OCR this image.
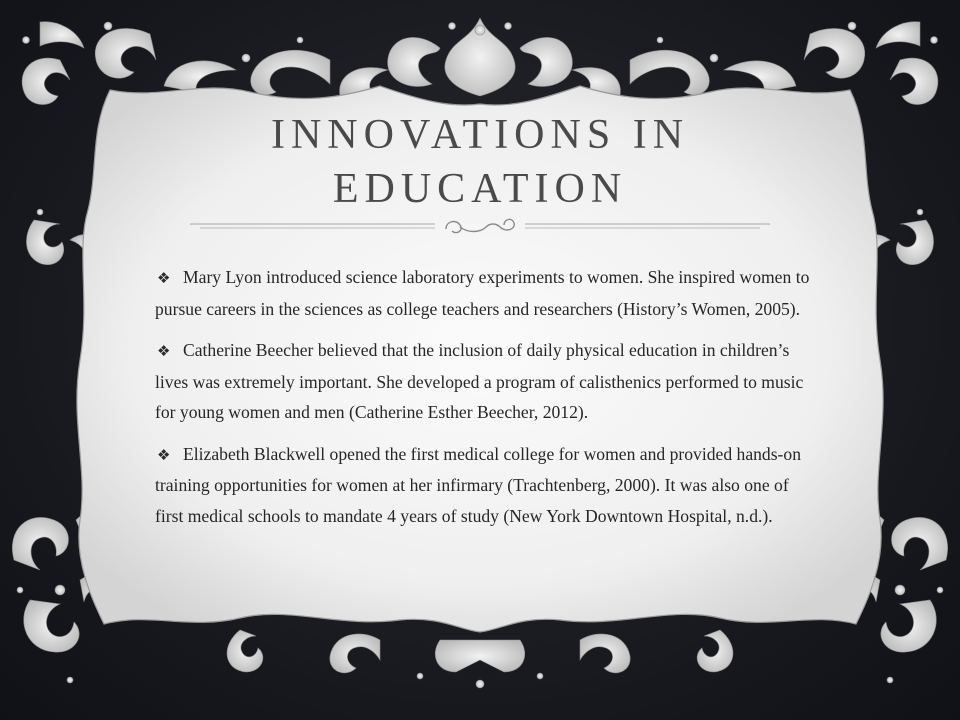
INNOVATIONS IN
EDUCATION

❖ Mary Lyon introduced science laboratory experiments to women. She inspired women to pursue careers in the sciences as college teachers and researchers (History’s Women, 2005).

❖ Catherine Beecher believed that the inclusion of daily physical education in children’s lives was extremely important. She developed a program of calisthenics performed to music for young women and men (Catherine Esther Beecher, 2012).

❖ Elizabeth Blackwell opened the first medical college for women and provided hands-on training opportunities for women at her infirmary (Trachtenberg, 2000). It was also one of first medical schools to mandate 4 years of study (New York Downtown Hospital, n.d.).
